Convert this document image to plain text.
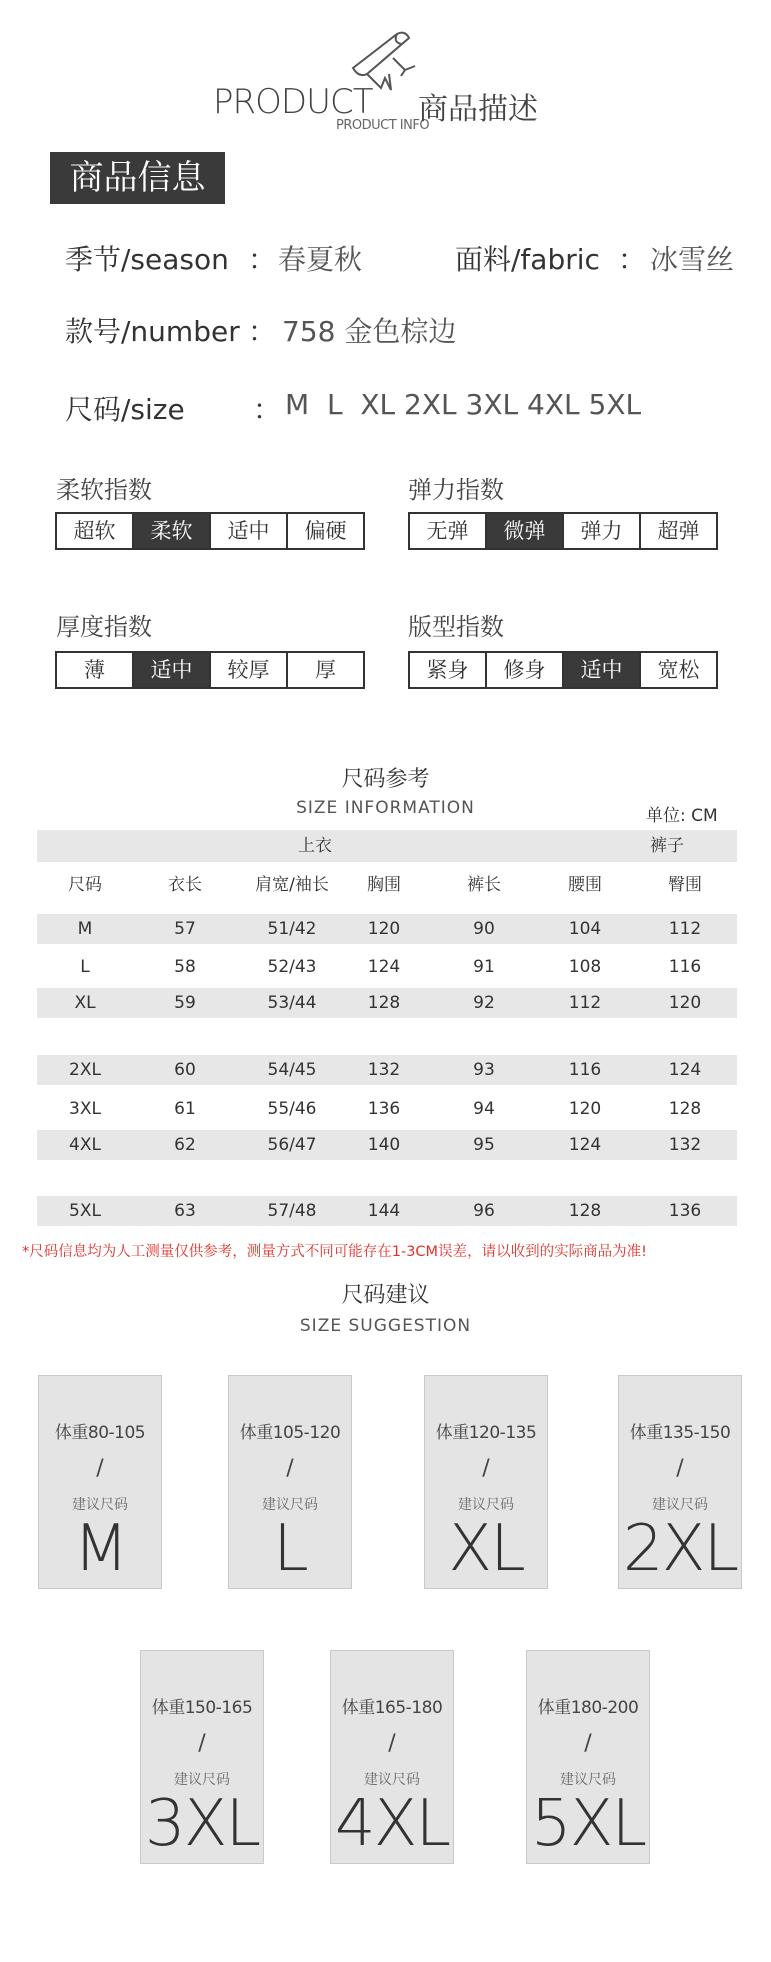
PRODUCT
PRODUCT INFO
商品描述
商品信息
季节/season ： 春夏秋	面料/fabric ： 冰雪丝
款号/number ： 758 金色棕边
尺码/size ： M  L  XL 2XL 3XL 4XL 5XL
柔软指数
超软	柔软	适中	偏硬
弹力指数
无弹	微弹	弹力	超弹
厚度指数
薄	适中	较厚	厚
版型指数
紧身	修身	适中	宽松
尺码参考
SIZE INFORMATION	单位: CM
上衣	裤子
尺码	衣长	肩宽/袖长	胸围	裤长	腰围	臀围
M	57	51/42	120	90	104	112
L	58	52/43	124	91	108	116
XL	59	53/44	128	92	112	120
2XL	60	54/45	132	93	116	124
3XL	61	55/46	136	94	120	128
4XL	62	56/47	140	95	124	132
5XL	63	57/48	144	96	128	136
*尺码信息均为人工测量仅供参考，测量方式不同可能存在1-3CM误差，请以收到的实际商品为准!
尺码建议
SIZE SUGGESTION
体重80-105
/
建议尺码
M
体重105-120
/
建议尺码
L
体重120-135
/
建议尺码
XL
体重135-150
/
建议尺码
2XL
体重150-165
/
建议尺码
3XL
体重165-180
/
建议尺码
4XL
体重180-200
/
建议尺码
5XL
